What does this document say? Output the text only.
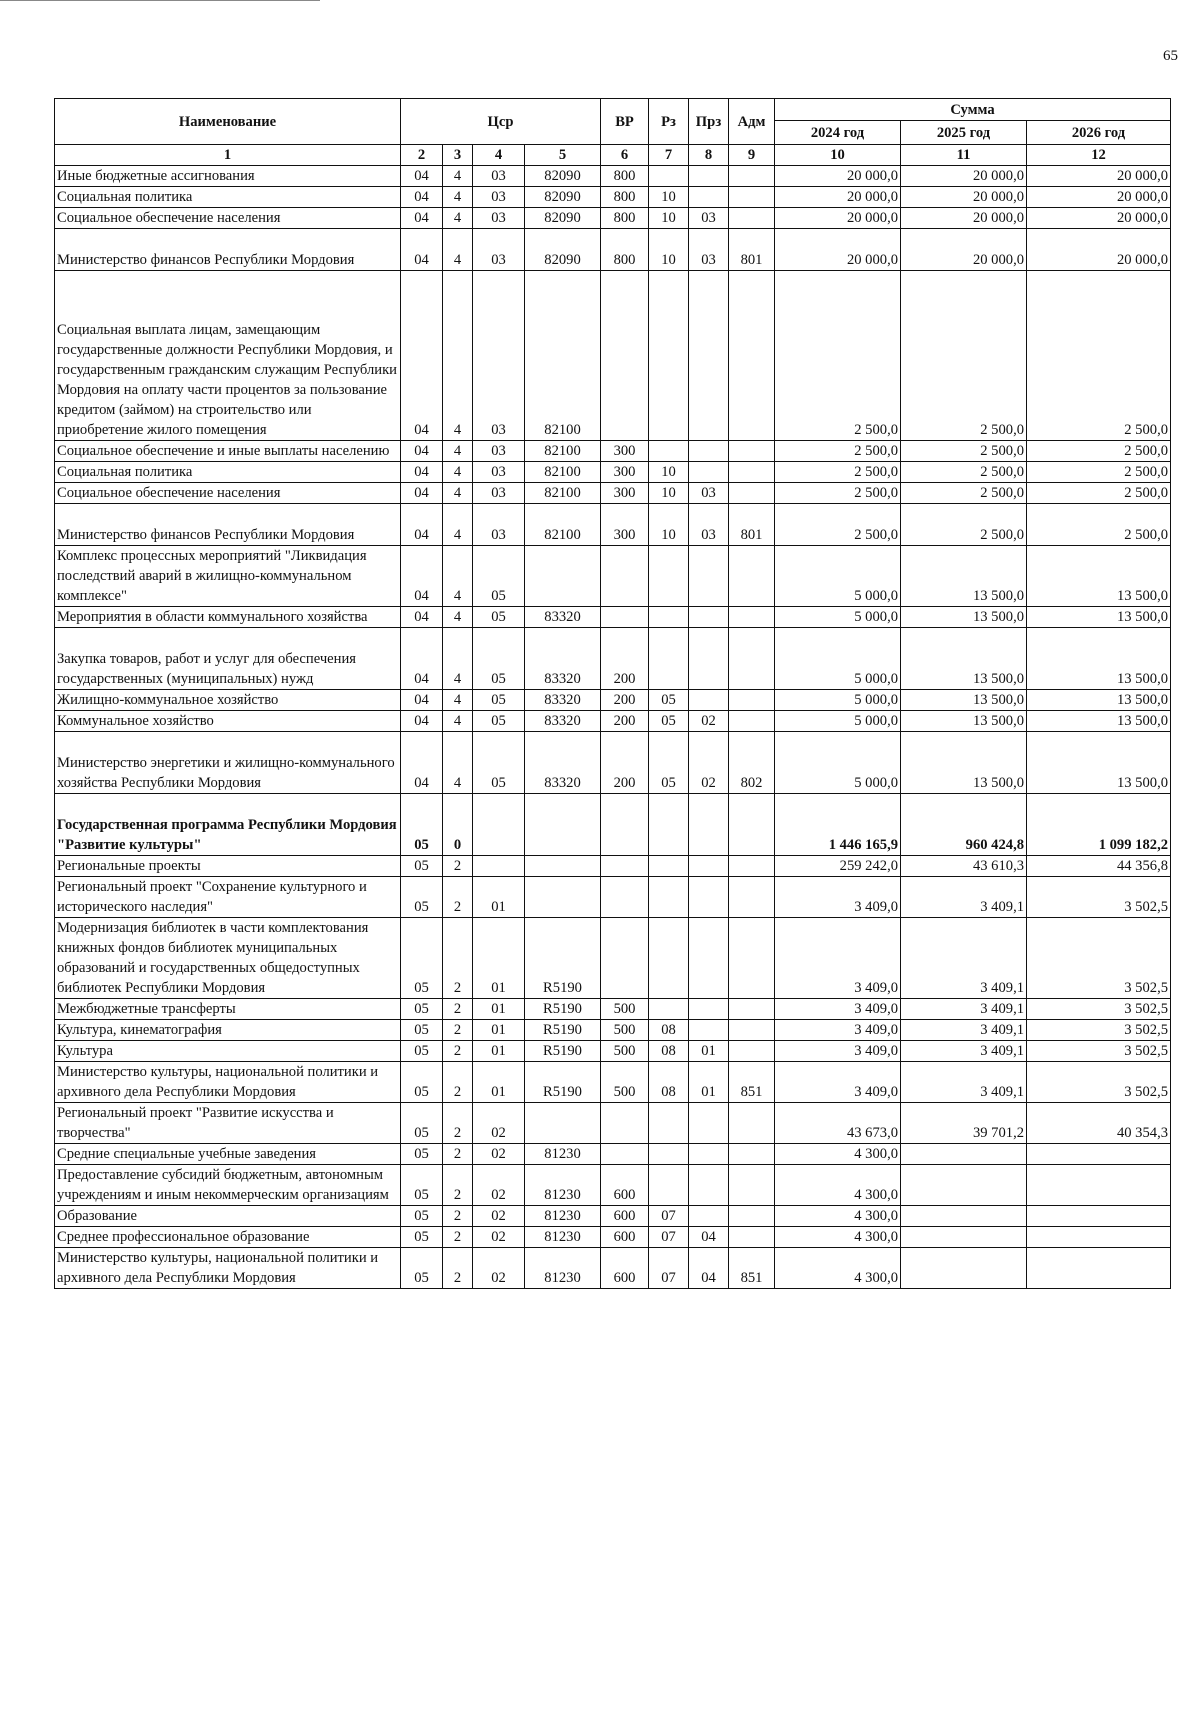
65
Наименование	Цср				ВР	Рз	Прз	Адм	Сумма		
									2024 год	2025 год	2026 год
1	2	3	4	5	6	7	8	9	10	11	12
Иные бюджетные ассигнования	04	4	03	82090	800				20 000,0	20 000,0	20 000,0
Социальная политика	04	4	03	82090	800	10			20 000,0	20 000,0	20 000,0
Социальное обеспечение населения	04	4	03	82090	800	10	03		20 000,0	20 000,0	20 000,0
Министерство финансов Республики Мордовия	04	4	03	82090	800	10	03	801	20 000,0	20 000,0	20 000,0
Социальная выплата лицам, замещающим государственные должности Республики Мордовия, и государственным гражданским служащим Республики Мордовия на оплату части процентов за пользование кредитом (займом) на строительство или приобретение жилого помещения	04	4	03	82100					2 500,0	2 500,0	2 500,0
Социальное обеспечение и иные выплаты населению	04	4	03	82100	300				2 500,0	2 500,0	2 500,0
Социальная политика	04	4	03	82100	300	10			2 500,0	2 500,0	2 500,0
Социальное обеспечение населения	04	4	03	82100	300	10	03		2 500,0	2 500,0	2 500,0
Министерство финансов Республики Мордовия	04	4	03	82100	300	10	03	801	2 500,0	2 500,0	2 500,0
Комплекс процессных мероприятий "Ликвидация последствий аварий в жилищно-коммунальном комплексе"	04	4	05						5 000,0	13 500,0	13 500,0
Мероприятия в области коммунального хозяйства	04	4	05	83320					5 000,0	13 500,0	13 500,0
Закупка товаров, работ и услуг для обеспечения государственных (муниципальных) нужд	04	4	05	83320	200				5 000,0	13 500,0	13 500,0
Жилищно-коммунальное хозяйство	04	4	05	83320	200	05			5 000,0	13 500,0	13 500,0
Коммунальное хозяйство	04	4	05	83320	200	05	02		5 000,0	13 500,0	13 500,0
Министерство энергетики и жилищно-коммунального хозяйства Республики Мордовия	04	4	05	83320	200	05	02	802	5 000,0	13 500,0	13 500,0
Государственная программа Республики Мордовия "Развитие культуры"	05	0							1 446 165,9	960 424,8	1 099 182,2
Региональные проекты	05	2							259 242,0	43 610,3	44 356,8
Региональный проект "Сохранение культурного и исторического наследия"	05	2	01						3 409,0	3 409,1	3 502,5
Модернизация библиотек в части комплектования книжных фондов библиотек муниципальных образований и государственных общедоступных библиотек Республики Мордовия	05	2	01	R5190					3 409,0	3 409,1	3 502,5
Межбюджетные трансферты	05	2	01	R5190	500				3 409,0	3 409,1	3 502,5
Культура, кинематография	05	2	01	R5190	500	08			3 409,0	3 409,1	3 502,5
Культура	05	2	01	R5190	500	08	01		3 409,0	3 409,1	3 502,5
Министерство культуры, национальной политики и архивного дела Республики Мордовия	05	2	01	R5190	500	08	01	851	3 409,0	3 409,1	3 502,5
Региональный проект "Развитие искусства и творчества"	05	2	02						43 673,0	39 701,2	40 354,3
Средние специальные учебные заведения	05	2	02	81230					4 300,0		
Предоставление субсидий бюджетным, автономным учреждениям и иным некоммерческим организациям	05	2	02	81230	600				4 300,0		
Образование	05	2	02	81230	600	07			4 300,0		
Среднее профессиональное образование	05	2	02	81230	600	07	04		4 300,0		
Министерство культуры, национальной политики и архивного дела Республики Мордовия	05	2	02	81230	600	07	04	851	4 300,0		
